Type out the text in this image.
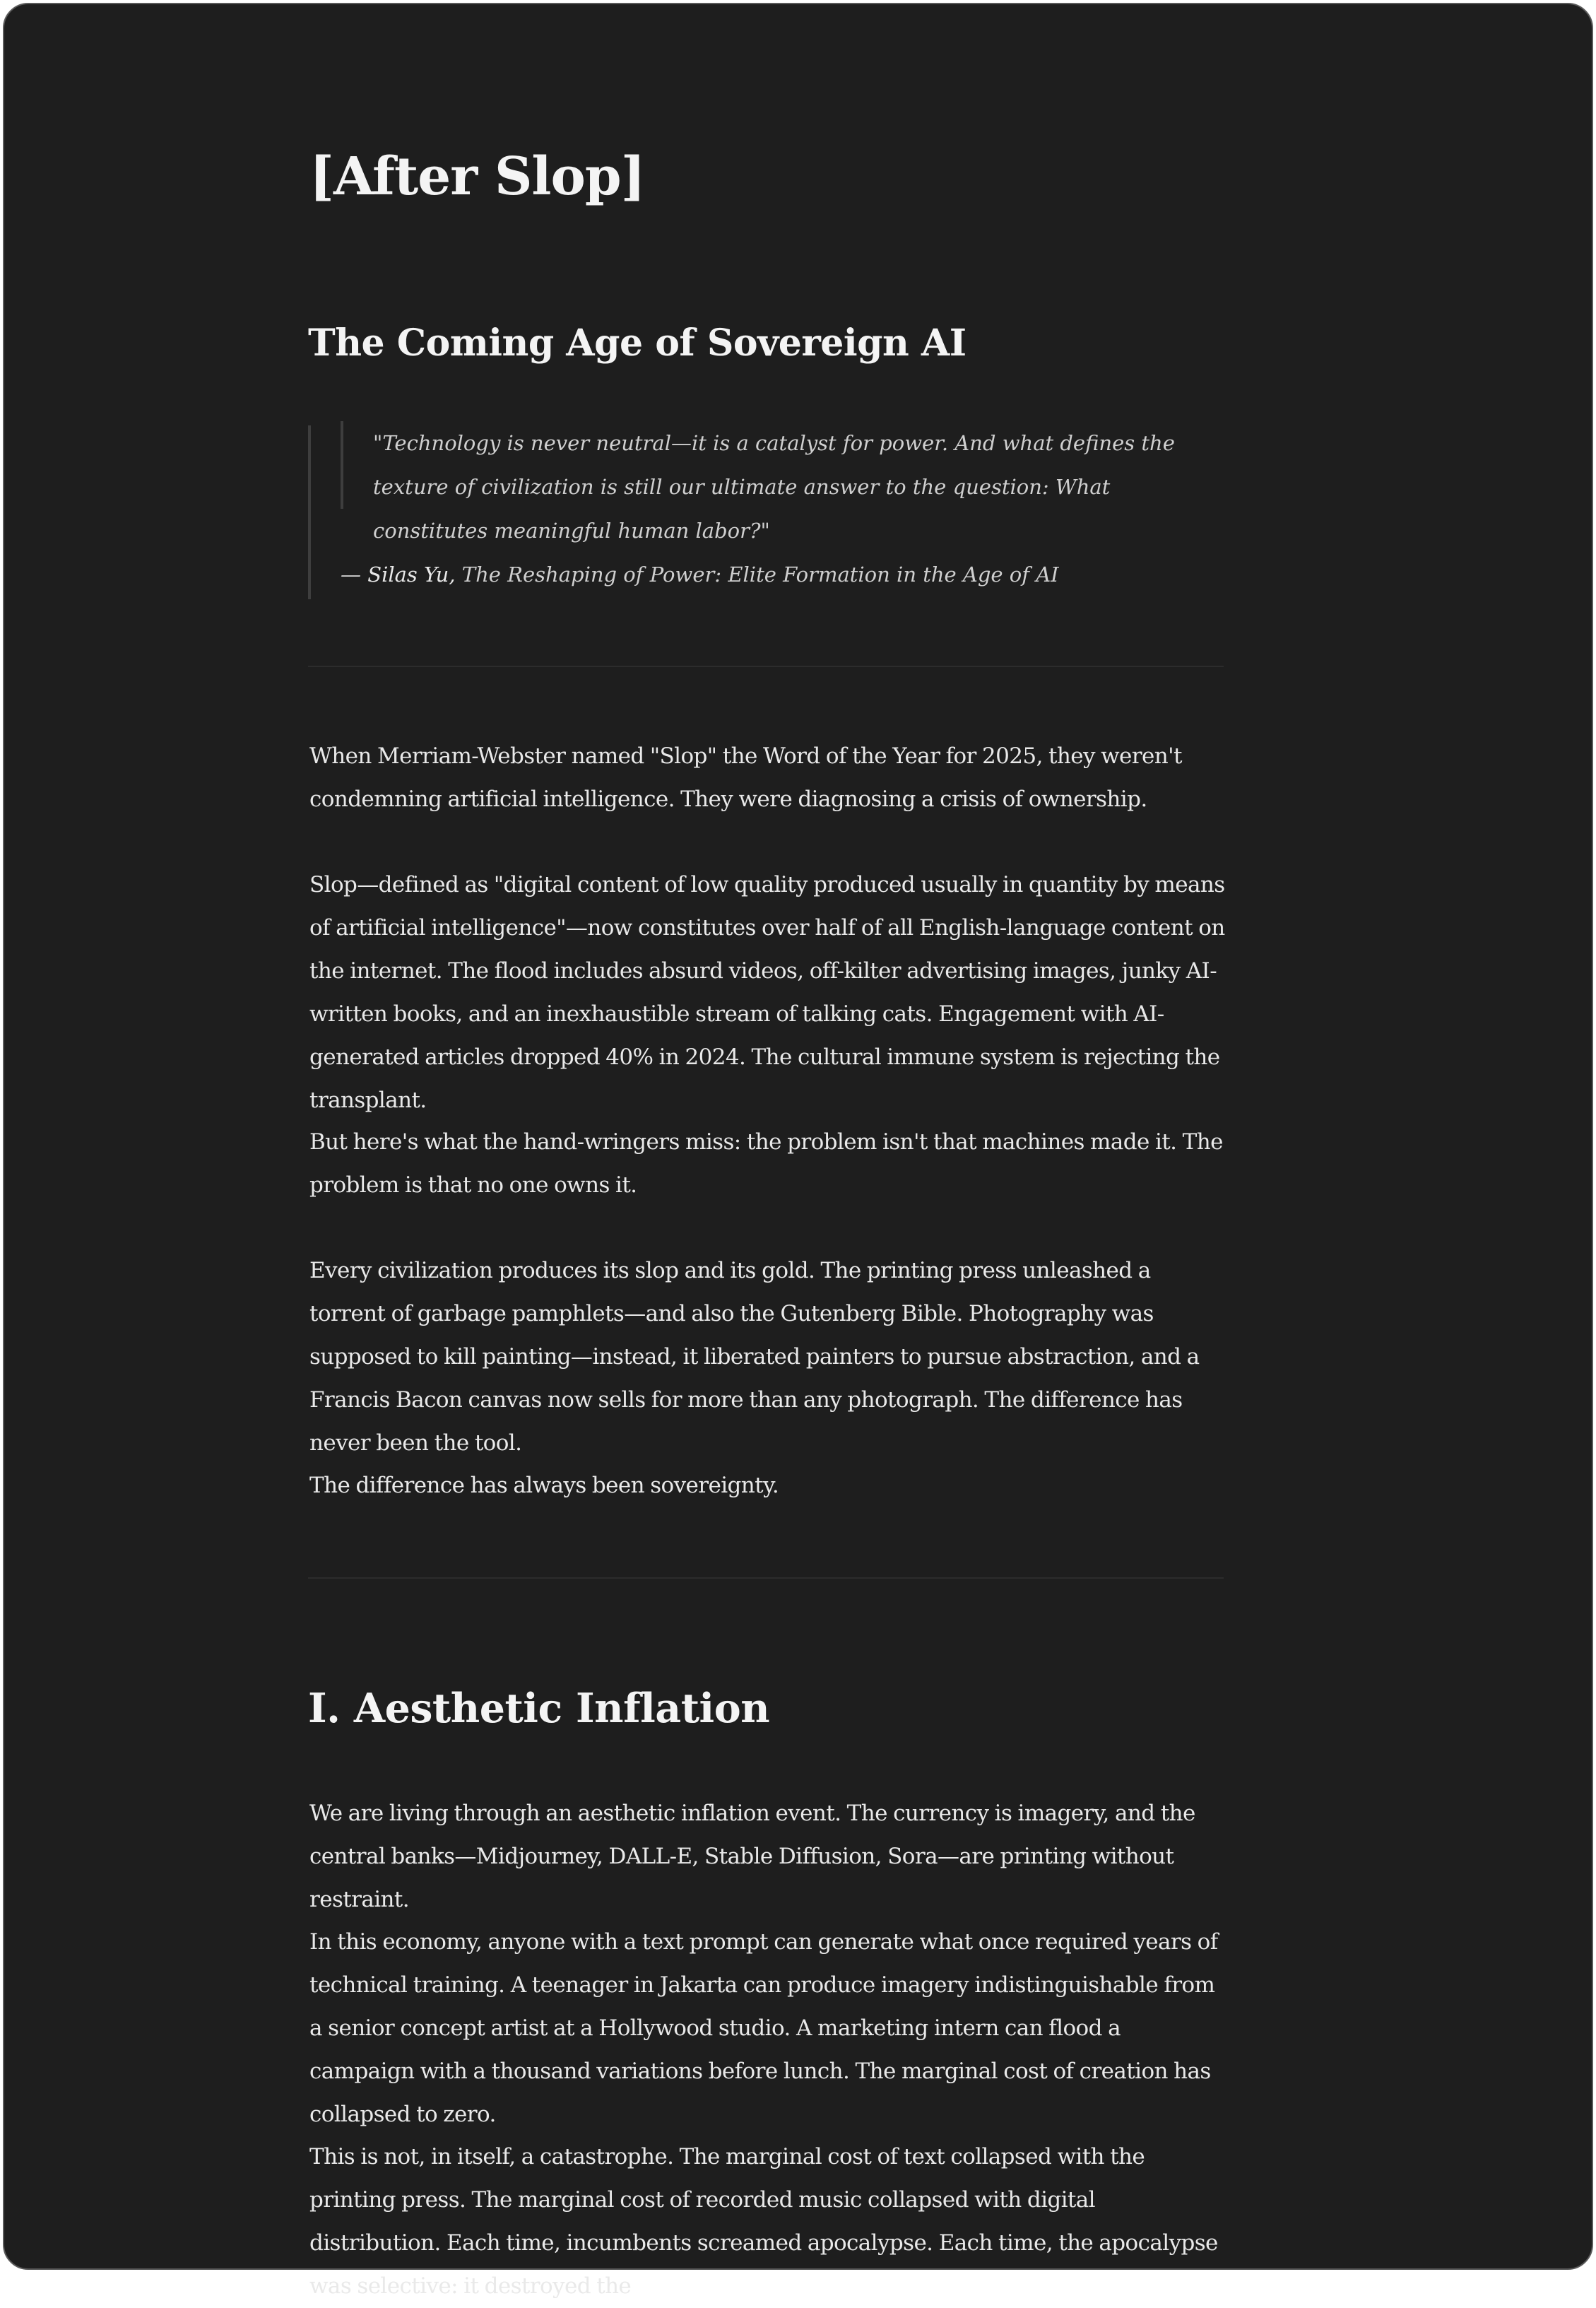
[After Slop]
The Coming Age of Sovereign AI

"Technology is never neutral—it is a catalyst for power. And what defines the texture of civilization is still our ultimate answer to the question: What constitutes meaningful human labor?"

— Silas Yu, The Reshaping of Power: Elite Formation in the Age of AI

When Merriam-Webster named "Slop" the Word of the Year for 2025, they weren't condemning artificial intelligence. They were diagnosing a crisis of ownership.

Slop—defined as "digital content of low quality produced usually in quantity by means of artificial intelligence"—now constitutes over half of all English-language content on the internet. The flood includes absurd videos, off-kilter advertising images, junky AI-written books, and an inexhaustible stream of talking cats. Engagement with AI-generated articles dropped 40% in 2024. The cultural immune system is rejecting the transplant.

But here's what the hand-wringers miss: the problem isn't that machines made it. The problem is that no one owns it.

Every civilization produces its slop and its gold. The printing press unleashed a torrent of garbage pamphlets—and also the Gutenberg Bible. Photography was supposed to kill painting—instead, it liberated painters to pursue abstraction, and a Francis Bacon canvas now sells for more than any photograph. The difference has never been the tool.

The difference has always been sovereignty.

I. Aesthetic Inflation

We are living through an aesthetic inflation event. The currency is imagery, and the central banks—Midjourney, DALL-E, Stable Diffusion, Sora—are printing without restraint.

In this economy, anyone with a text prompt can generate what once required years of technical training. A teenager in Jakarta can produce imagery indistinguishable from a senior concept artist at a Hollywood studio. A marketing intern can flood a campaign with a thousand variations before lunch. The marginal cost of creation has collapsed to zero.

This is not, in itself, a catastrophe. The marginal cost of text collapsed with the printing press. The marginal cost of recorded music collapsed with digital distribution. Each time, incumbents screamed apocalypse. Each time, the apocalypse was selective: it destroyed the
